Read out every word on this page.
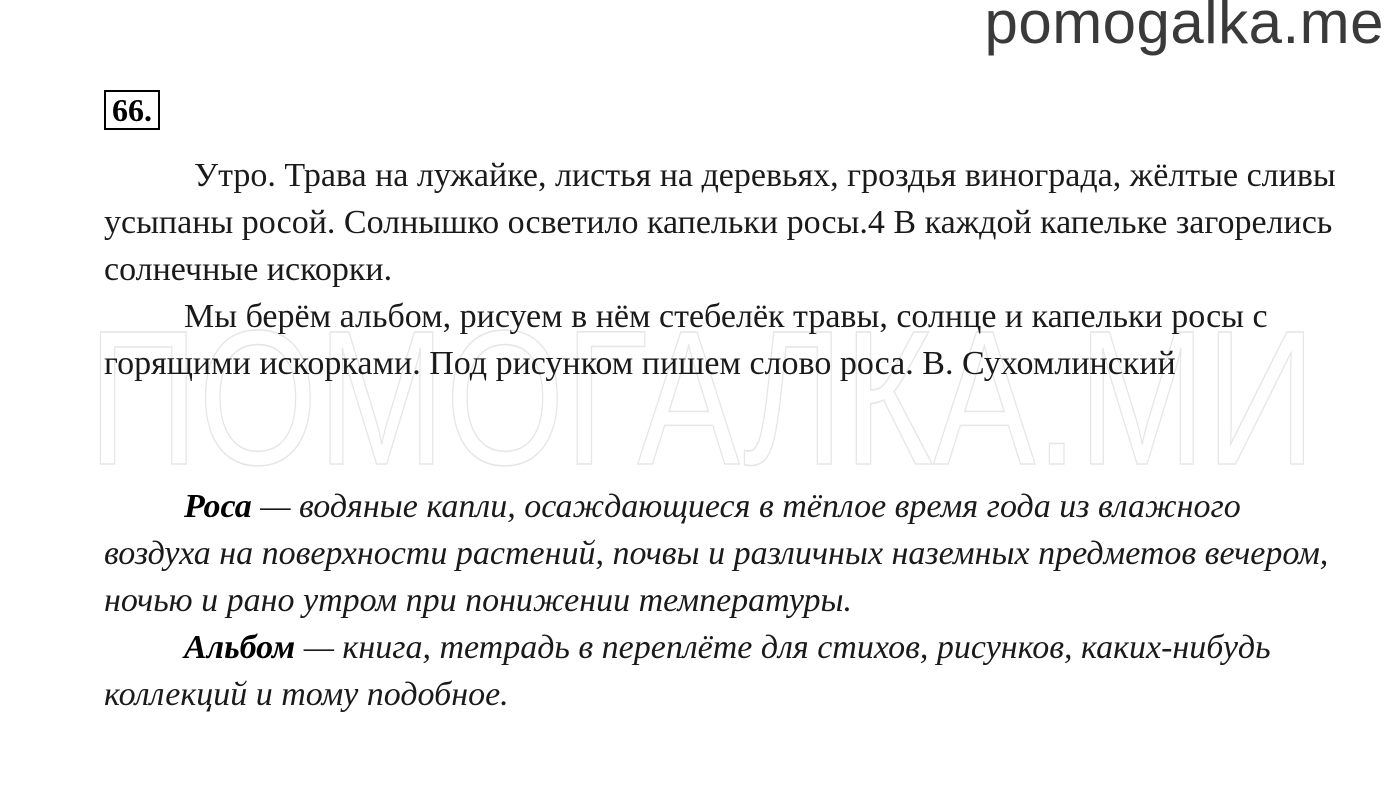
pomogalka.me
ПОМОГАЛКА.МИ
66.

Утро. Трава на лужайке, листья на деревьях, гроздья винограда, жёлтые сливы усыпаны росой. Солнышко осветило капельки росы.4 В каждой капельке загорелись солнечные искорки.

Мы берём альбом, рисуем в нём стебелёк травы, солнце и капельки росы с горящими искорками. Под рисунком пишем слово роса. В. Сухомлинский

Роса — водяные капли, осаждающиеся в тёплое время года из влажного воздуха на поверхности растений, почвы и различных наземных предметов вечером, ночью и рано утром при понижении температуры.

Альбом — книга, тетрадь в переплёте для стихов, рисунков, каких-нибудь коллекций и тому подобное.
